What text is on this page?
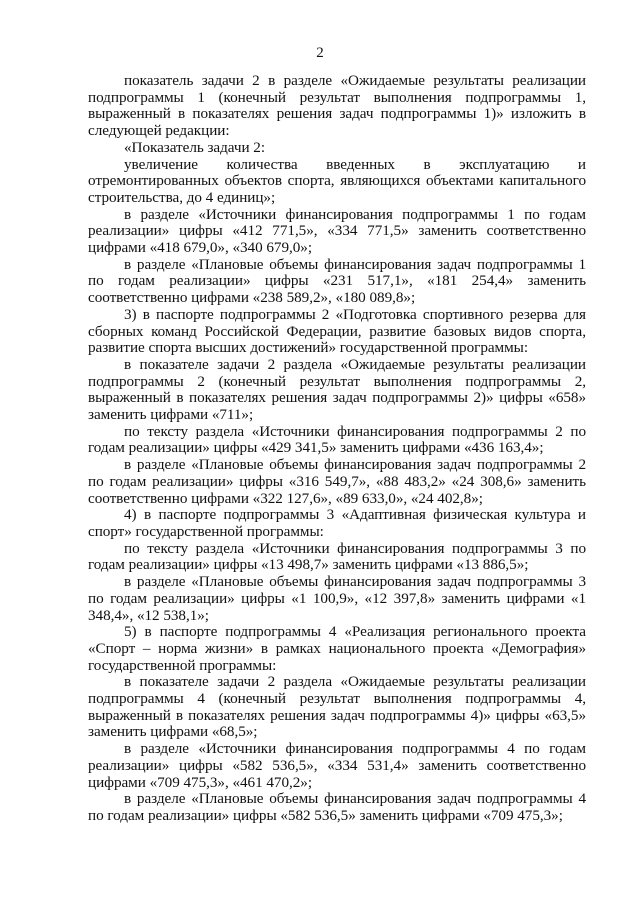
2

показатель задачи 2 в разделе «Ожидаемые результаты реализации подпрограммы 1 (конечный результат выполнения подпрограммы 1, выраженный в показателях решения задач подпрограммы 1)» изложить в следующей редакции:

«Показатель задачи 2:

увеличение количества введенных в эксплуатацию и отремонтированных объектов спорта, являющихся объектами капитального строительства, до 4 единиц»;

в разделе «Источники финансирования подпрограммы 1 по годам реализации» цифры «412 771,5», «334 771,5» заменить соответственно цифрами «418 679,0», «340 679,0»;

в разделе «Плановые объемы финансирования задач подпрограммы 1 по годам реализации» цифры «231 517,1», «181 254,4» заменить соответственно цифрами «238 589,2», «180 089,8»;

3) в паспорте подпрограммы 2 «Подготовка спортивного резерва для сборных команд Российской Федерации, развитие базовых видов спорта, развитие спорта высших достижений» государственной программы:

в показателе задачи 2 раздела «Ожидаемые результаты реализации подпрограммы 2 (конечный результат выполнения подпрограммы 2, выраженный в показателях решения задач подпрограммы 2)» цифры «658» заменить цифрами «711»;

по тексту раздела «Источники финансирования подпрограммы 2 по годам реализации» цифры «429 341,5» заменить цифрами «436 163,4»;

в разделе «Плановые объемы финансирования задач подпрограммы 2 по годам реализации» цифры «316 549,7», «88 483,2» «24 308,6» заменить соответственно цифрами «322 127,6», «89 633,0», «24 402,8»;

4) в паспорте подпрограммы 3 «Адаптивная физическая культура и спорт» государственной программы:

по тексту раздела «Источники финансирования подпрограммы 3 по годам реализации» цифры «13 498,7» заменить цифрами «13 886,5»;

в разделе «Плановые объемы финансирования задач подпрограммы 3 по годам реализации» цифры «1 100,9», «12 397,8» заменить цифрами «1 348,4», «12 538,1»;

5) в паспорте подпрограммы 4 «Реализация регионального проекта «Спорт – норма жизни» в рамках национального проекта «Демография» государственной программы:

в показателе задачи 2 раздела «Ожидаемые результаты реализации подпрограммы 4 (конечный результат выполнения подпрограммы 4, выраженный в показателях решения задач подпрограммы 4)» цифры «63,5» заменить цифрами «68,5»;

в разделе «Источники финансирования подпрограммы 4 по годам реализации» цифры «582 536,5», «334 531,4» заменить соответственно цифрами «709 475,3», «461 470,2»;

в разделе «Плановые объемы финансирования задач подпрограммы 4 по годам реализации» цифры «582 536,5» заменить цифрами «709 475,3»;
